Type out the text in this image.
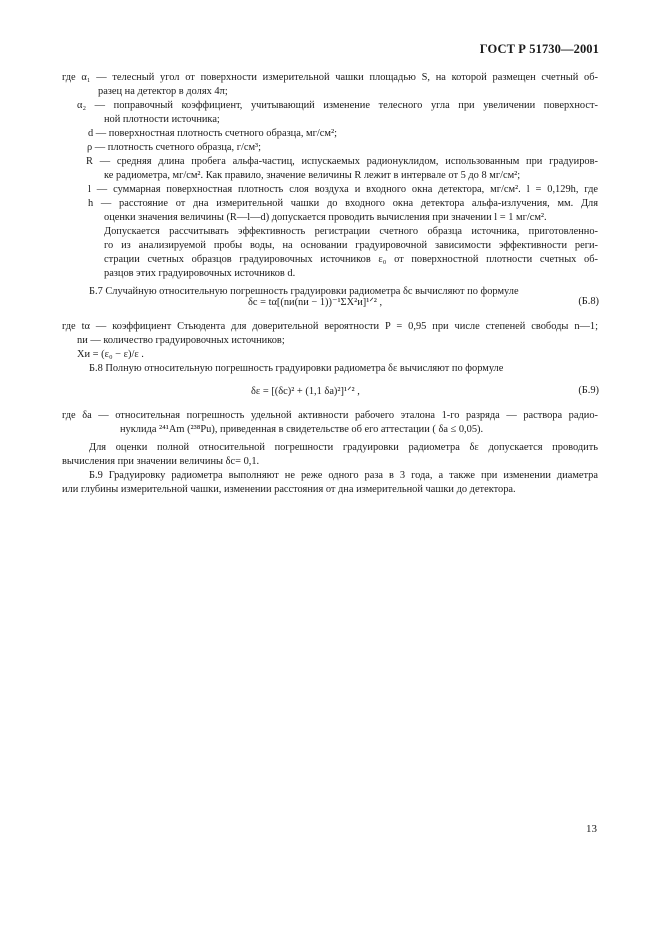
ГОСТ Р 51730—2001
где α₁ — телесный угол от поверхности измерительной чашки площадью S, на которой размещен счетный об-
разец на детектор в долях 4π;
α₂ — поправочный коэффициент, учитывающий изменение телесного угла при увеличении поверхност-
ной плотности источника;
d — поверхностная плотность счетного образца, мг/см²;
ρ — плотность счетного образца, г/см³;
R — средняя длина пробега альфа-частиц, испускаемых радионуклидом, использованным при градуиров-
ке радиометра, мг/см². Как правило, значение величины R лежит в интервале от 5 до 8 мг/см²;
l — суммарная поверхностная плотность слоя воздуха и входного окна детектора, мг/см². l = 0,129h, где
h — расстояние от дна измерительной чашки до входного окна детектора альфа-излучения, мм. Для
оценки значения величины (R—l—d) допускается проводить вычисления при значении l = 1 мг/см².
Допускается рассчитывать эффективность регистрации счетного образца источника, приготовленно-
го из анализируемой пробы воды, на основании градуировочной зависимости эффективности реги-
страции счетных образцов градуировочных источников ε₀ от поверхностной плотности счетных об-
разцов этих градуировочных источников d.
Б.7 Случайную относительную погрешность градуировки радиометра δc вычисляют по формуле
δc = tα[(nи(nи − 1))⁻¹ΣX²и]¹ᐟ² ,	(Б.8)
где tα — коэффициент Стьюдента для доверительной вероятности P = 0,95 при числе степеней свободы n—1;
nи — количество градуировочных источников;
Xи = (ε₀ − ε)/ε .
Б.8 Полную относительную погрешность градуировки радиометра δε вычисляют по формуле
δε = [(δc)² + (1,1 δа)²]¹ᐟ² ,	(Б.9)
где δа — относительная погрешность удельной активности рабочего эталона 1-го разряда — раствора радио-
нуклида ²⁴¹Am (²³⁸Pu), приведенная в свидетельстве об его аттестации ( δа ≤ 0,05).
Для оценки полной относительной погрешности градуировки радиометра δε допускается проводить
вычисления при значении величины δс= 0,1.
Б.9 Градуировку радиометра выполняют не реже одного раза в 3 года, а также при изменении диаметра
или глубины измерительной чашки, изменении расстояния от дна измерительной чашки до детектора.
13
